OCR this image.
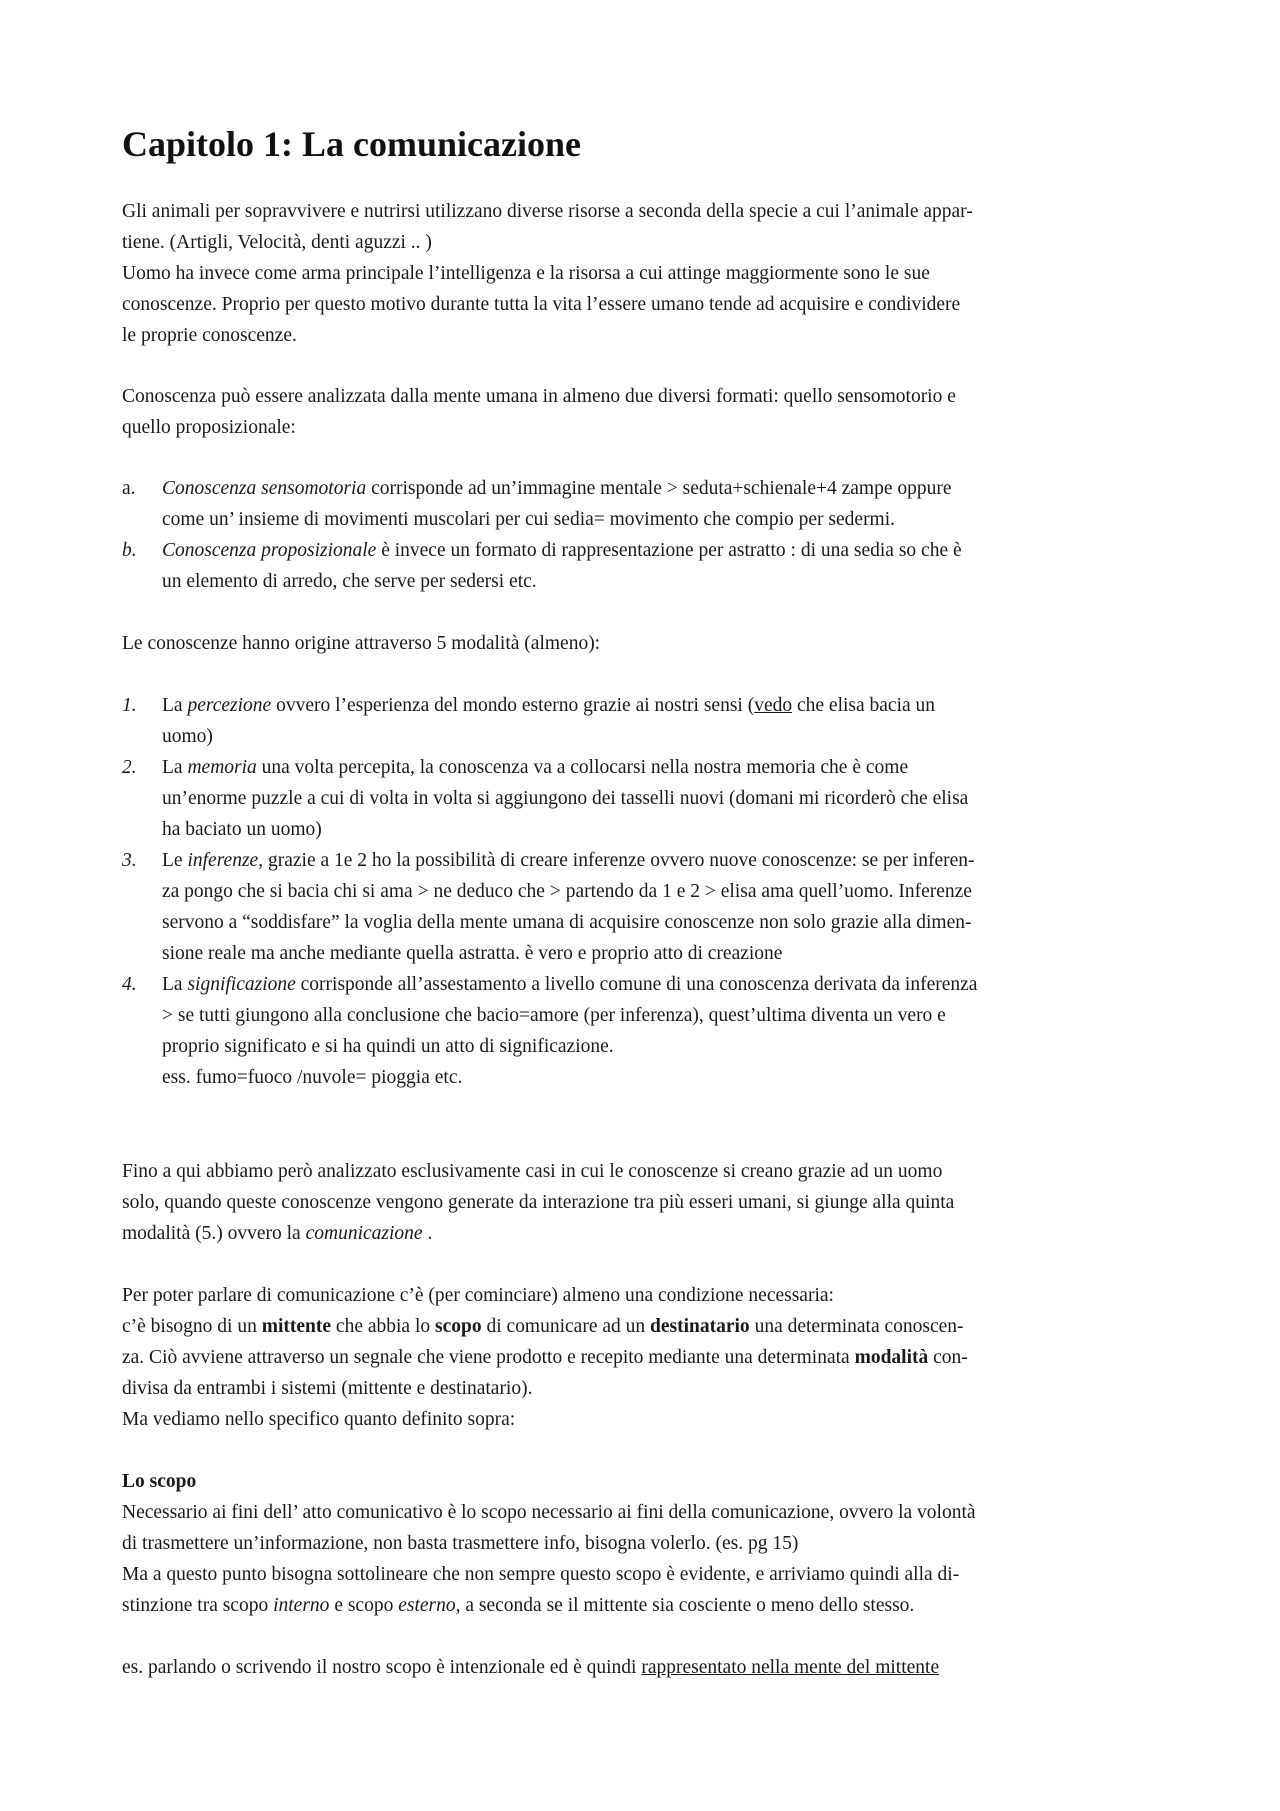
Capitolo 1: La comunicazione

Gli animali per sopravvivere e nutrirsi utilizzano diverse risorse a seconda della specie a cui l’animale appar-

tiene. (Artigli, Velocità, denti aguzzi .. )

Uomo ha invece come arma principale l’intelligenza e la risorsa a cui attinge maggiormente sono le sue

conoscenze. Proprio per questo motivo durante tutta la vita l’essere umano tende ad acquisire e condividere

le proprie conoscenze.

Conoscenza può essere analizzata dalla mente umana in almeno due diversi formati: quello sensomotorio e

quello proposizionale:

a. Conoscenza sensomotoria corrisponde ad un’immagine mentale > seduta+schienale+4 zampe oppure
come un’ insieme di movimenti muscolari per cui sedia= movimento che compio per sedermi.
b. Conoscenza proposizionale è invece un formato di rappresentazione per astratto : di una sedia so che è
un elemento di arredo, che serve per sedersi etc.

Le conoscenze hanno origine attraverso 5 modalità (almeno):

1. La percezione ovvero l’esperienza del mondo esterno grazie ai nostri sensi (vedo che elisa bacia un
uomo)
2. La memoria una volta percepita, la conoscenza va a collocarsi nella nostra memoria che è come
un’enorme puzzle a cui di volta in volta si aggiungono dei tasselli nuovi (domani mi ricorderò che elisa
ha baciato un uomo)
3. Le inferenze, grazie a 1e 2 ho la possibilità di creare inferenze ovvero nuove conoscenze: se per inferen-
za pongo che si bacia chi si ama > ne deduco che > partendo da 1 e 2 > elisa ama quell’uomo. Inferenze
servono a “soddisfare” la voglia della mente umana di acquisire conoscenze non solo grazie alla dimen-
sione reale ma anche mediante quella astratta. è vero e proprio atto di creazione
4. La significazione corrisponde all’assestamento a livello comune di una conoscenza derivata da inferenza
> se tutti giungono alla conclusione che bacio=amore (per inferenza), quest’ultima diventa un vero e
proprio significato e si ha quindi un atto di significazione.
ess. fumo=fuoco /nuvole= pioggia etc.

Fino a qui abbiamo però analizzato esclusivamente casi in cui le conoscenze si creano grazie ad un uomo

solo, quando queste conoscenze vengono generate da interazione tra più esseri umani, si giunge alla quinta

modalità (5.) ovvero la comunicazione .

Per poter parlare di comunicazione c’è (per cominciare) almeno una condizione necessaria:

c’è bisogno di un mittente che abbia lo scopo di comunicare ad un destinatario una determinata conoscen-

za. Ciò avviene attraverso un segnale che viene prodotto e recepito mediante una determinata modalità con-

divisa da entrambi i sistemi (mittente e destinatario).

Ma vediamo nello specifico quanto definito sopra:

Lo scopo

Necessario ai fini dell’ atto comunicativo è lo scopo necessario ai fini della comunicazione, ovvero la volontà

di trasmettere un’informazione, non basta trasmettere info, bisogna volerlo. (es. pg 15)

Ma a questo punto bisogna sottolineare che non sempre questo scopo è evidente, e arriviamo quindi alla di-

stinzione tra scopo interno e scopo esterno, a seconda se il mittente sia cosciente o meno dello stesso.

es. parlando o scrivendo il nostro scopo è intenzionale ed è quindi rappresentato nella mente del mittente
